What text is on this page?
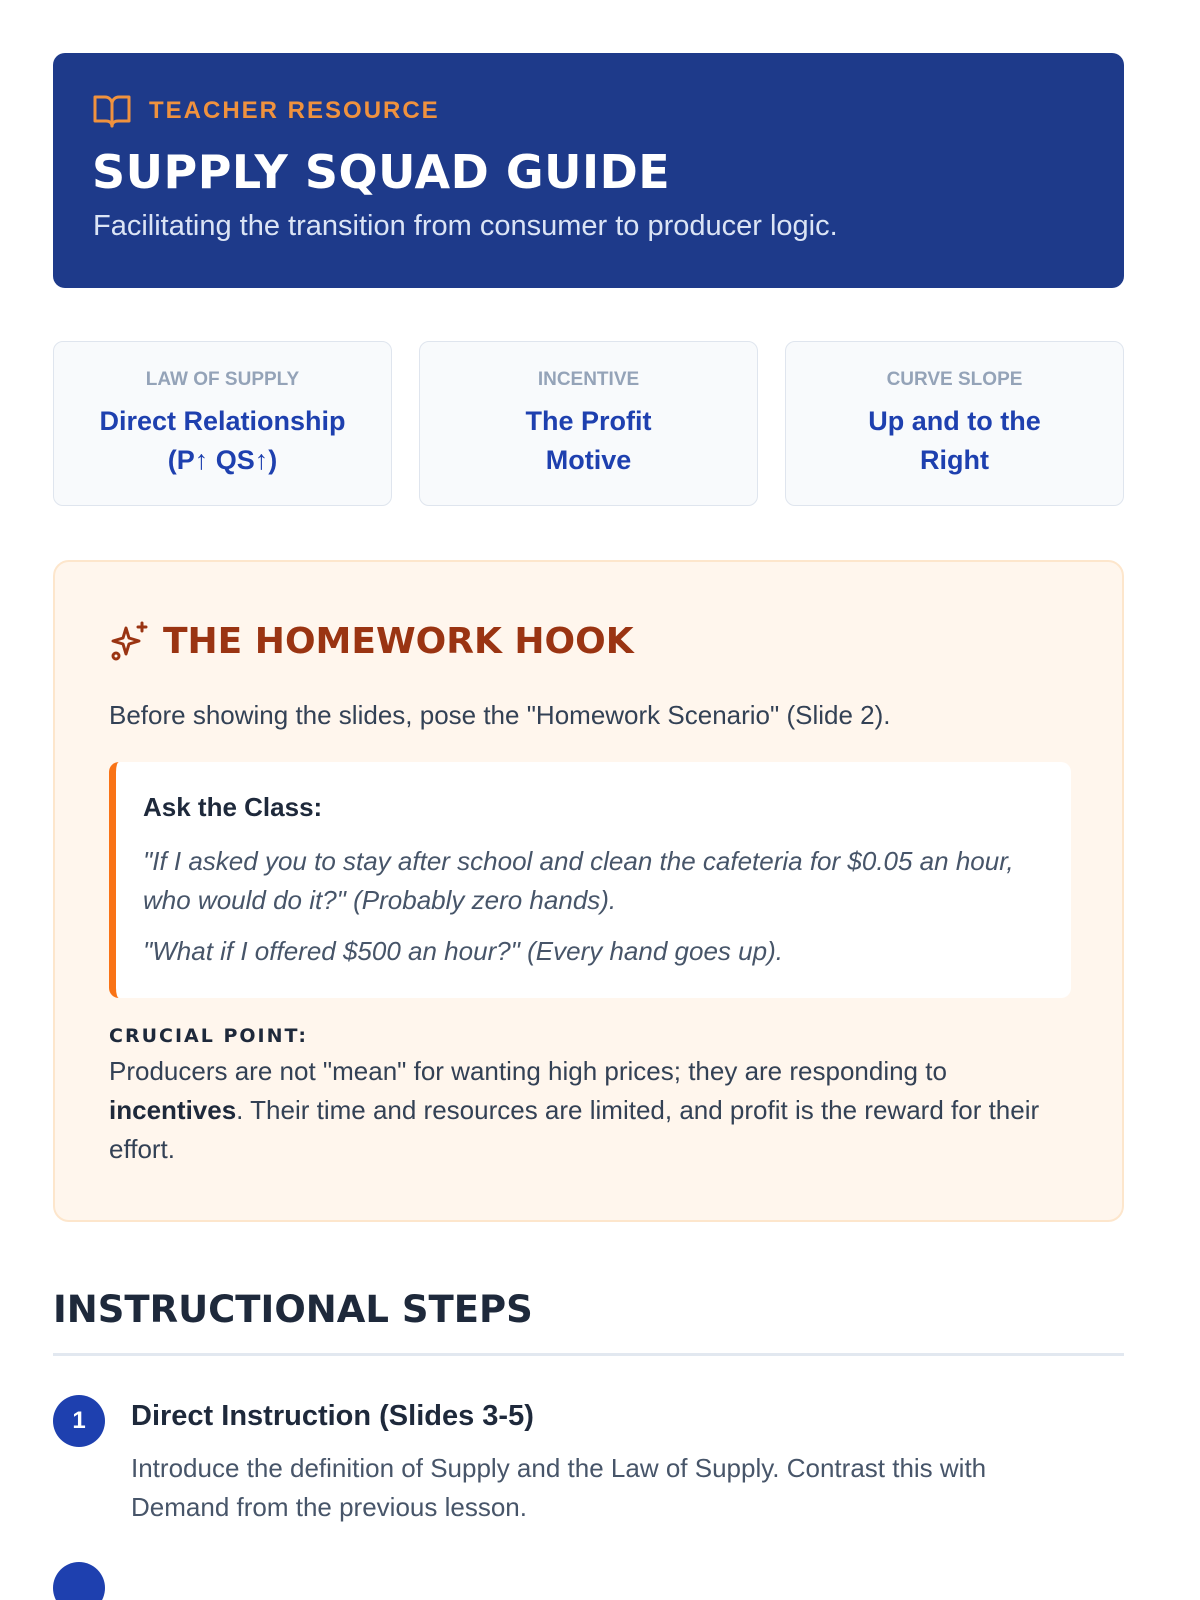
TEACHER RESOURCE
SUPPLY SQUAD GUIDE
Facilitating the transition from consumer to producer logic.
LAW OF SUPPLY
Direct Relationship (P↑ QS↑)
INCENTIVE
The Profit Motive
CURVE SLOPE
Up and to the Right
THE HOMEWORK HOOK
Before showing the slides, pose the "Homework Scenario" (Slide 2).
Ask the Class:
"If I asked you to stay after school and clean the cafeteria for $0.05 an hour, who would do it?" (Probably zero hands).
"What if I offered $500 an hour?" (Every hand goes up).
CRUCIAL POINT:
Producers are not "mean" for wanting high prices; they are responding to incentives. Their time and resources are limited, and profit is the reward for their effort.
INSTRUCTIONAL STEPS
1	Direct Instruction (Slides 3-5)
Introduce the definition of Supply and the Law of Supply. Contrast this with Demand from the previous lesson.
